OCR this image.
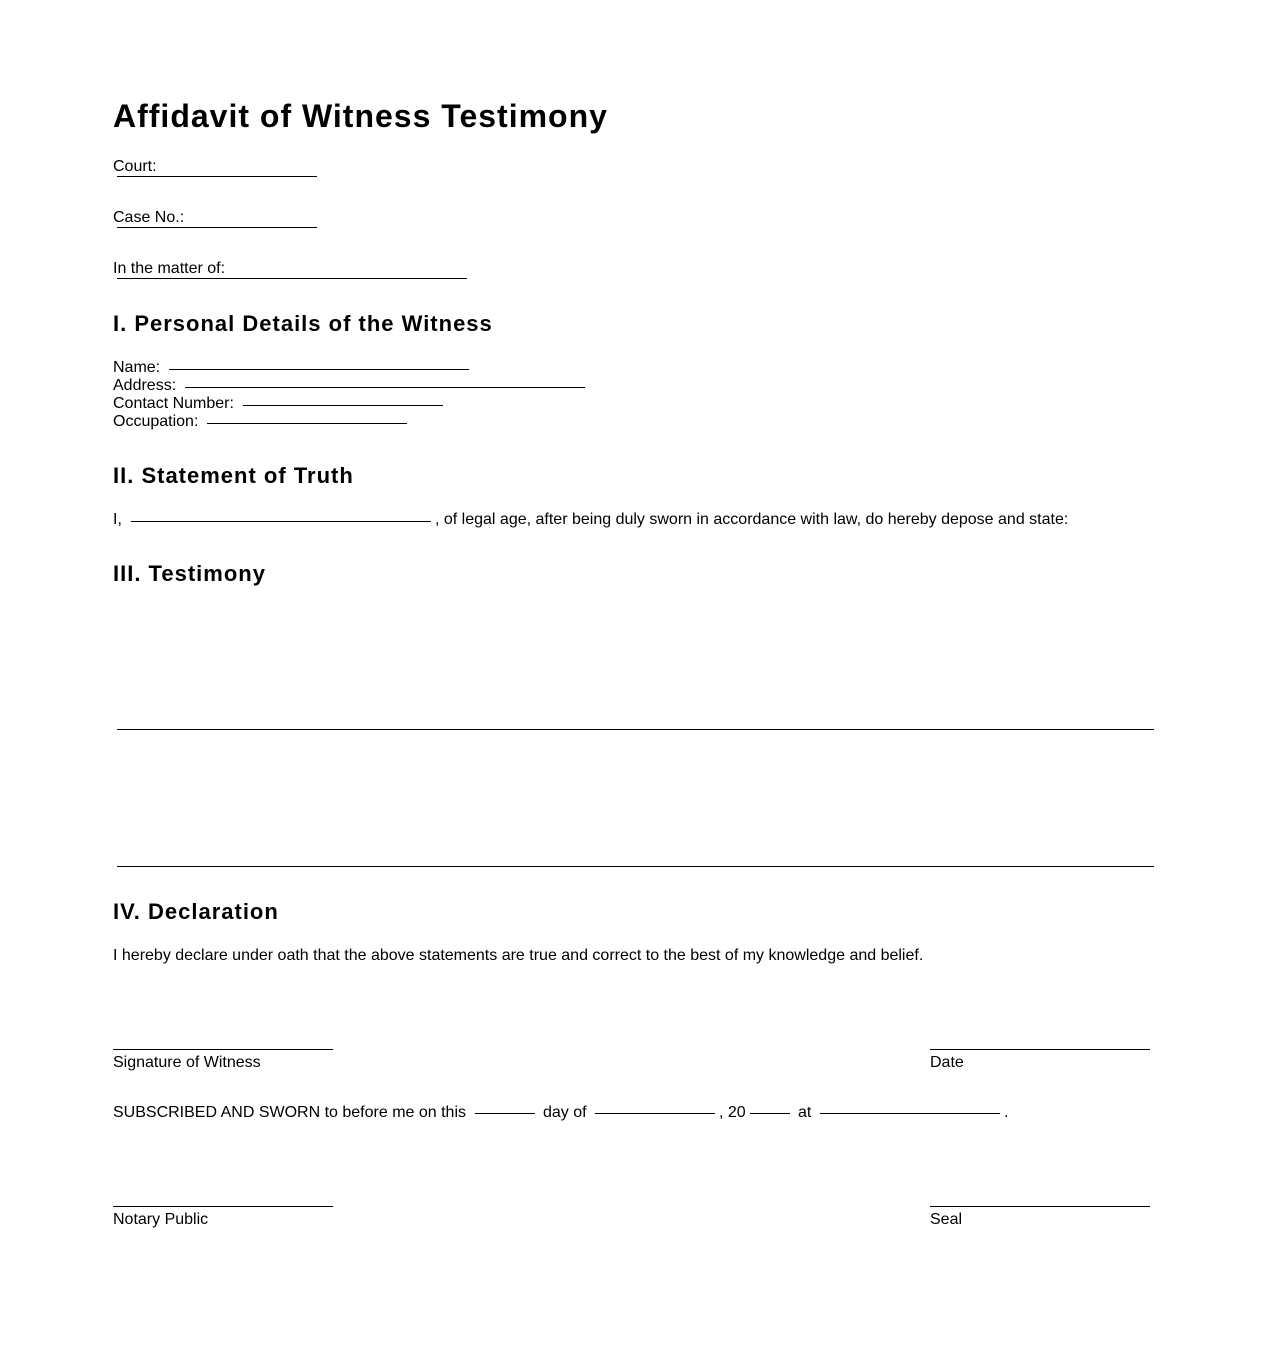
Affidavit of Witness Testimony
Court:
Case No.:
In the matter of:
I. Personal Details of the Witness
Name:
Address:
Contact Number:
Occupation:
II. Statement of Truth
I,	, of legal age, after being duly sworn in accordance with law, do hereby depose and state:
III. Testimony
IV. Declaration
I hereby declare under oath that the above statements are true and correct to the best of my knowledge and belief.
Signature of Witness	Date
SUBSCRIBED AND SWORN to before me on this	day of	, 20	at	.
Notary Public	Seal
